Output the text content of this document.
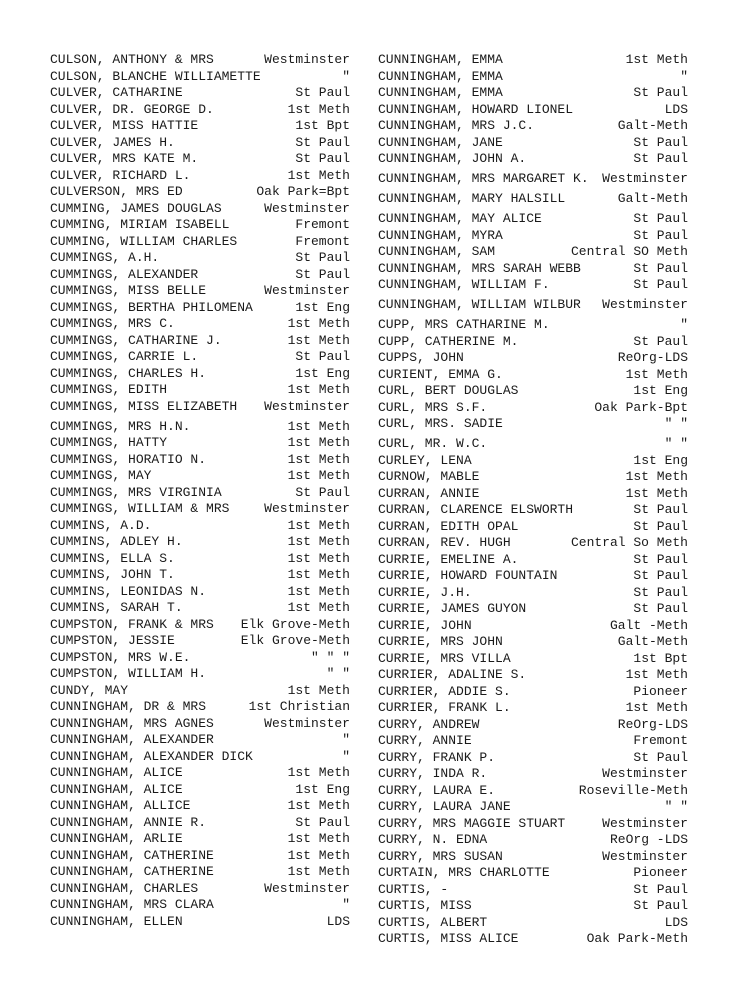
CULSON, ANTHONY & MRS	Westminster
CULSON, BLANCHE WILLIAMETTE	"
CULVER, CATHARINE	St Paul
CULVER, DR. GEORGE D.	1st Meth
CULVER, MISS HATTIE	1st Bpt
CULVER, JAMES H.	St Paul
CULVER, MRS KATE M.	St Paul
CULVER, RICHARD L.	1st Meth
CULVERSON, MRS ED	Oak Park=Bpt
CUMMING, JAMES DOUGLAS	Westminster
CUMMING, MIRIAM ISABELL	Fremont
CUMMING, WILLIAM CHARLES	Fremont
CUMMINGS, A.H.	St Paul
CUMMINGS, ALEXANDER	St Paul
CUMMINGS, MISS BELLE	Westminster
CUMMINGS, BERTHA PHILOMENA	1st Eng
CUMMINGS, MRS C.	1st Meth
CUMMINGS, CATHARINE J.	1st Meth
CUMMINGS, CARRIE L.	St Paul
CUMMINGS, CHARLES H.	1st Eng
CUMMINGS, EDITH	1st Meth
CUMMINGS, MISS ELIZABETH Westminster
CUMMINGS, MRS H.N.	1st Meth
CUMMINGS, HATTY	1st Meth
CUMMINGS, HORATIO N.	1st Meth
CUMMINGS, MAY	1st Meth
CUMMINGS, MRS VIRGINIA	St Paul
CUMMINGS, WILLIAM & MRS	Westminster
CUMMINS, A.D.	1st Meth
CUMMINS, ADLEY H.	1st Meth
CUMMINS, ELLA S.	1st Meth
CUMMINS, JOHN T.	1st Meth
CUMMINS, LEONIDAS N.	1st Meth
CUMMINS, SARAH T.	1st Meth
CUMPSTON, FRANK & MRS Elk Grove-Meth
CUMPSTON, JESSIE	Elk Grove-Meth
CUMPSTON, MRS W.E.	" " "
CUMPSTON, WILLIAM H.	" "
CUNDY, MAY	1st Meth
CUNNINGHAM, DR & MRS	1st Christian
CUNNINGHAM, MRS AGNES	Westminster
CUNNINGHAM, ALEXANDER	"
CUNNINGHAM, ALEXANDER DICK	"
CUNNINGHAM, ALICE	1st Meth
CUNNINGHAM, ALICE	1st Eng
CUNNINGHAM, ALLICE	1st Meth
CUNNINGHAM, ANNIE R.	St Paul
CUNNINGHAM, ARLIE	1st Meth
CUNNINGHAM, CATHERINE	1st Meth
CUNNINGHAM, CATHERINE	1st Meth
CUNNINGHAM, CHARLES	Westminster
CUNNINGHAM, MRS CLARA	"
CUNNINGHAM, ELLEN	LDS
CUNNINGHAM, EMMA	1st Meth
CUNNINGHAM, EMMA	"
CUNNINGHAM, EMMA	St Paul
CUNNINGHAM, HOWARD LIONEL	LDS
CUNNINGHAM, MRS J.C.	Galt-Meth
CUNNINGHAM, JANE	St Paul
CUNNINGHAM, JOHN A.	St Paul
CUNNINGHAM, MRS MARGARET K. Westminster
CUNNINGHAM, MARY HALSILL	Galt-Meth
CUNNINGHAM, MAY ALICE	St Paul
CUNNINGHAM, MYRA	St Paul
CUNNINGHAM, SAM	Central SO Meth
CUNNINGHAM, MRS SARAH WEBB	St Paul
CUNNINGHAM, WILLIAM F.	St Paul
CUNNINGHAM, WILLIAM WILBUR Westminster
CUPP, MRS CATHARINE M.	"
CUPP, CATHERINE M.	St Paul
CUPPS, JOHN	ReOrg-LDS
CURIENT, EMMA G.	1st Meth
CURL, BERT DOUGLAS	1st Eng
CURL, MRS S.F.	Oak Park-Bpt
CURL, MRS. SADIE	" "
CURL, MR. W.C.	" "
CURLEY, LENA	1st Eng
CURNOW, MABLE	1st Meth
CURRAN, ANNIE	1st Meth
CURRAN, CLARENCE ELSWORTH	St Paul
CURRAN, EDITH OPAL	St Paul
CURRAN, REV. HUGH	Central So Meth
CURRIE, EMELINE A.	St Paul
CURRIE, HOWARD FOUNTAIN	St Paul
CURRIE, J.H.	St Paul
CURRIE, JAMES GUYON	St Paul
CURRIE, JOHN	Galt -Meth
CURRIE, MRS JOHN	Galt-Meth
CURRIE, MRS VILLA	1st Bpt
CURRIER, ADALINE S.	1st Meth
CURRIER, ADDIE S.	Pioneer
CURRIER, FRANK L.	1st Meth
CURRY, ANDREW	ReOrg-LDS
CURRY, ANNIE	Fremont
CURRY, FRANK P.	St Paul
CURRY, INDA R.	Westminster
CURRY, LAURA E.	Roseville-Meth
CURRY, LAURA JANE	" "
CURRY, MRS MAGGIE STUART	Westminster
CURRY, N. EDNA	ReOrg -LDS
CURRY, MRS SUSAN	Westminster
CURTAIN, MRS CHARLOTTE	Pioneer
CURTIS, -	St Paul
CURTIS, MISS	St Paul
CURTIS, ALBERT	LDS
CURTIS, MISS ALICE	Oak Park-Meth
